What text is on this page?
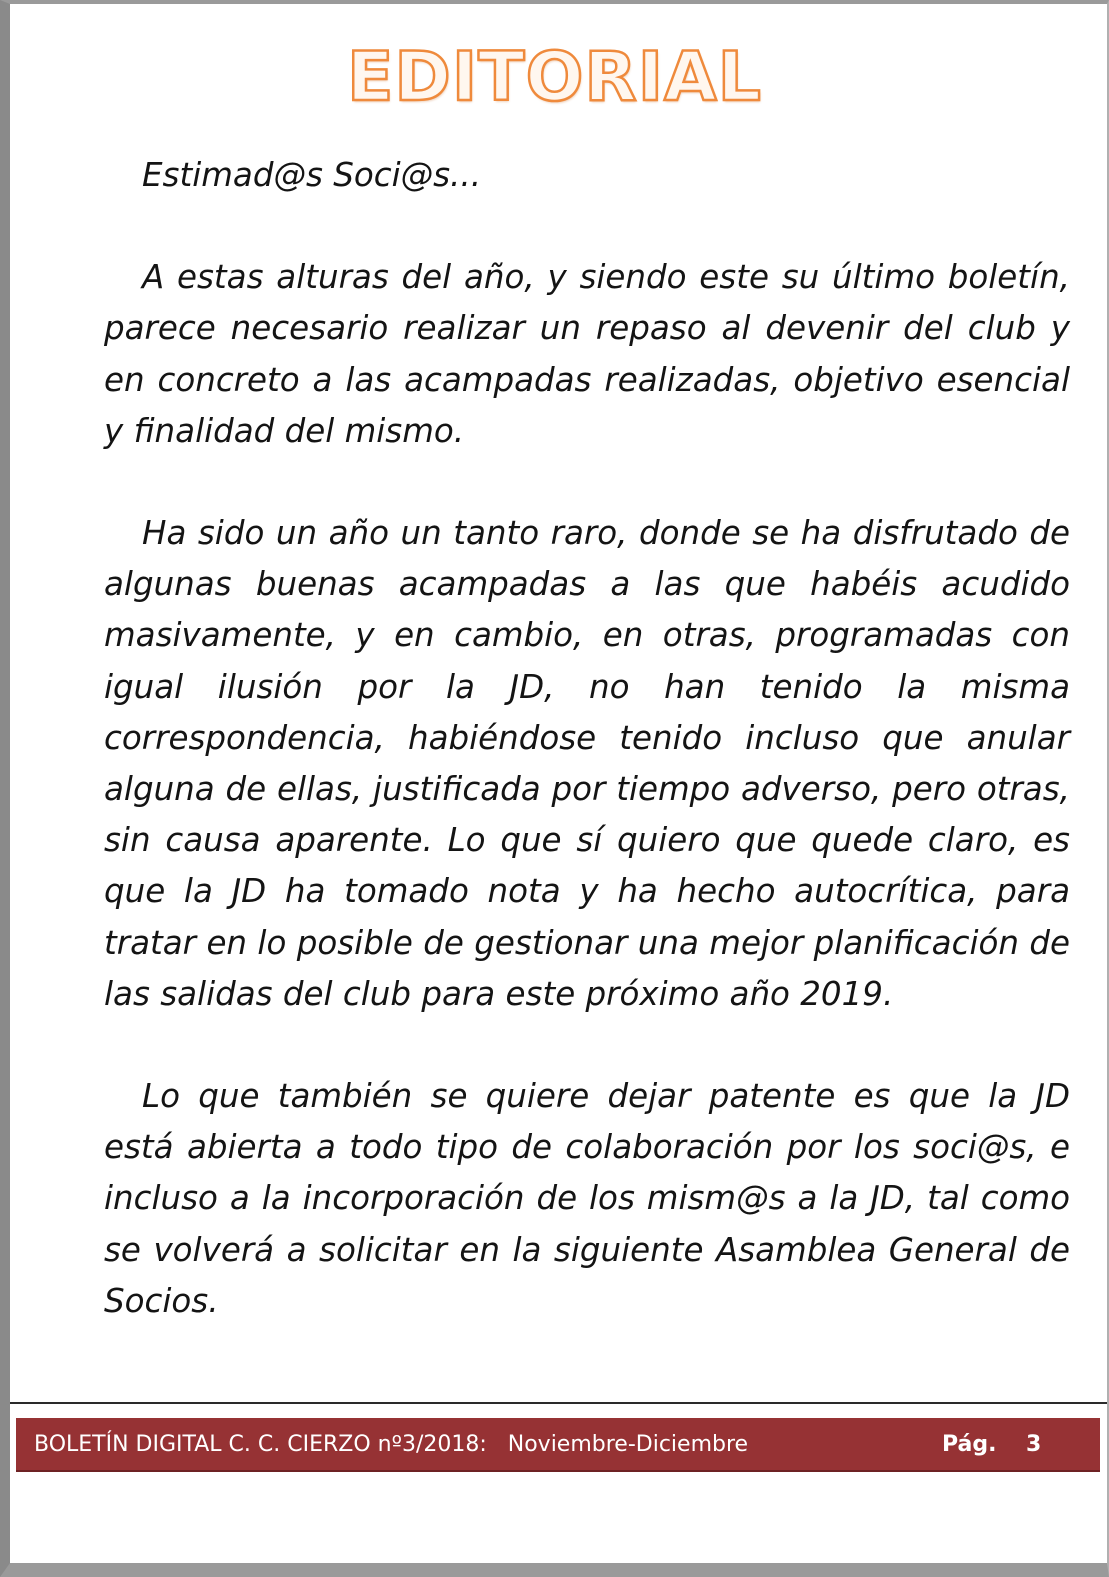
EDITORIAL

Estimad@s Soci@s...

A estas alturas del año, y siendo este su último boletín, parece necesario realizar un repaso al devenir del club y en concreto a las acampadas realizadas, objetivo esencial y finalidad del mismo.

Ha sido un año un tanto raro, donde se ha disfrutado de algunas buenas acampadas a las que habéis acudido masivamente, y en cambio, en otras, programadas con igual ilusión por la JD, no han tenido la misma correspondencia, habiéndose tenido incluso que anular alguna de ellas, justificada por tiempo adverso, pero otras, sin causa aparente. Lo que sí quiero que quede claro, es que la JD ha tomado nota y ha hecho autocrítica, para tratar en lo posible de gestionar una mejor planificación de las salidas del club para este próximo año 2019.

Lo que también se quiere dejar patente es que la JD está abierta a todo tipo de colaboración por los soci@s, e incluso a la incorporación de los mism@s a la JD, tal como se volverá a solicitar en la siguiente Asamblea General de Socios.

BOLETÍN DIGITAL C. C. CIERZO nº3/2018:   Noviembre-Diciembre	Pág. 3
